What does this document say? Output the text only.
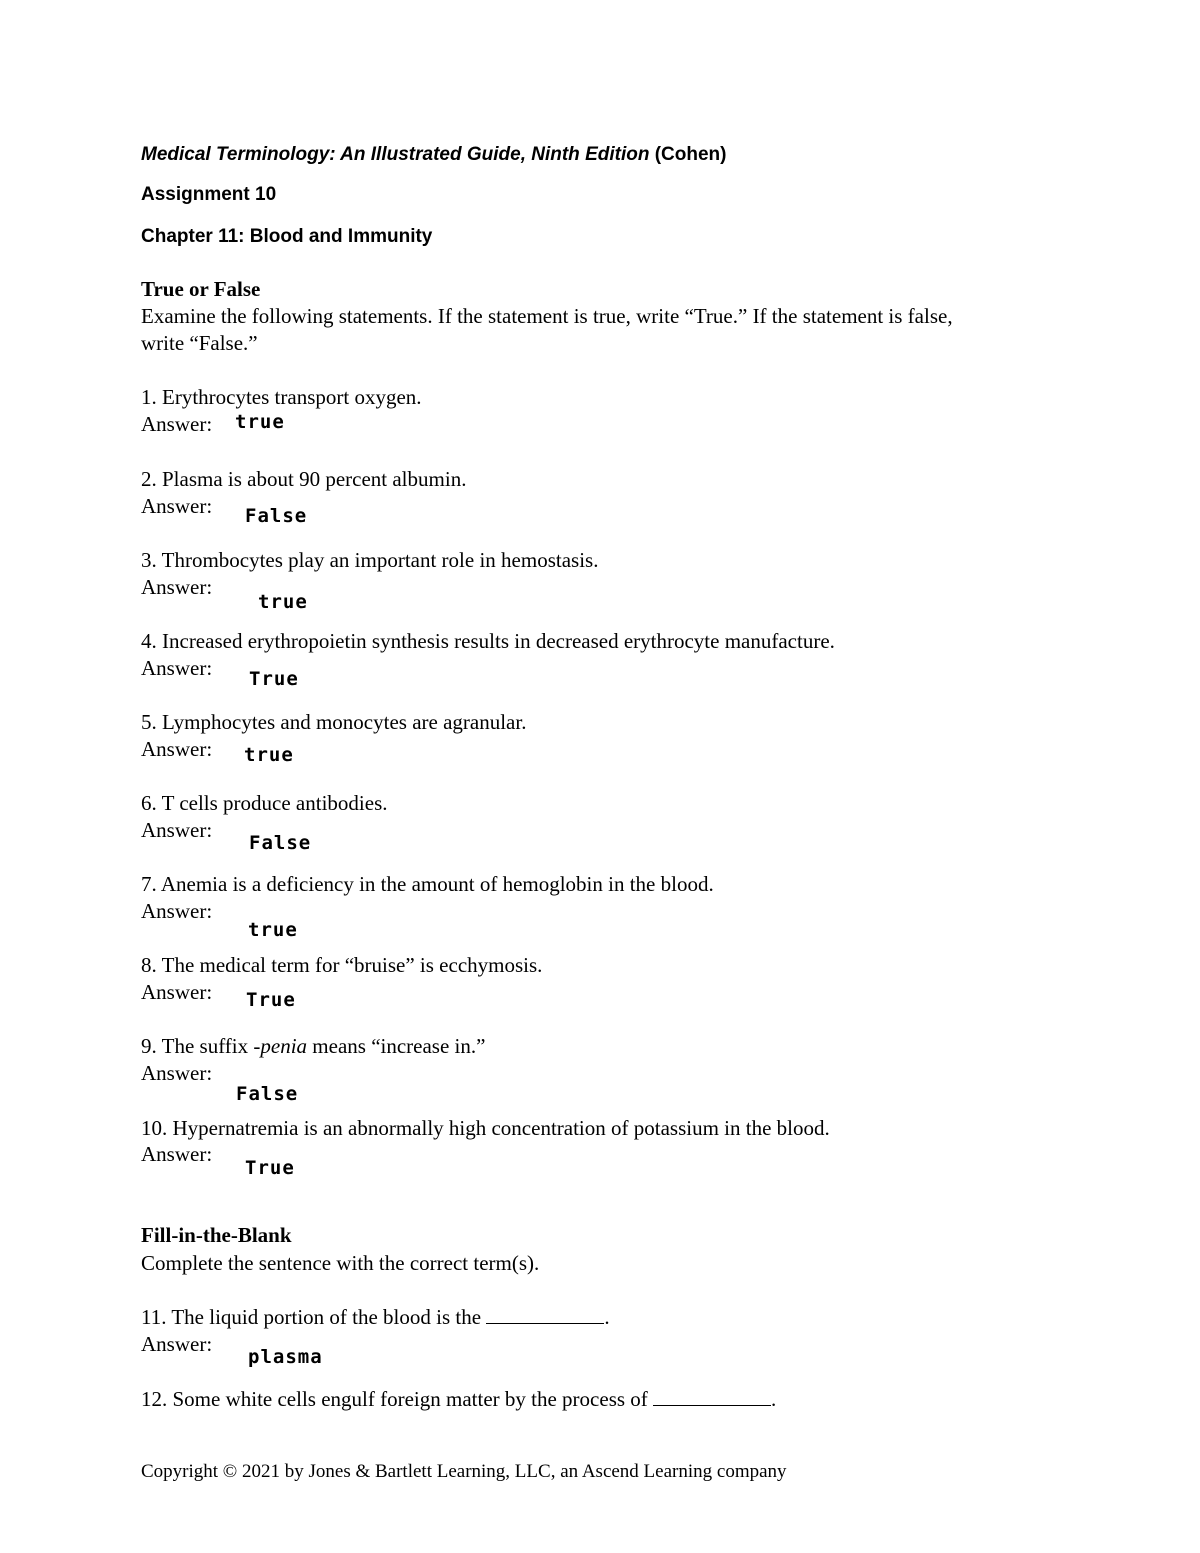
Medical Terminology: An Illustrated Guide, Ninth Edition (Cohen)
Assignment 10
Chapter 11: Blood and Immunity
True or False
Examine the following statements. If the statement is true, write “True.” If the statement is false,
write “False.”
1. Erythrocytes transport oxygen.
Answer: true
2. Plasma is about 90 percent albumin.
Answer: False
3. Thrombocytes play an important role in hemostasis.
Answer:
true
4. Increased erythropoietin synthesis results in decreased erythrocyte manufacture.
Answer: True
5. Lymphocytes and monocytes are agranular.
Answer: true
6. T cells produce antibodies.
Answer:
False
7. Anemia is a deficiency in the amount of hemoglobin in the blood.
Answer:
true
8. The medical term for “bruise” is ecchymosis.
Answer: True
9. The suffix -penia means “increase in.”
Answer:
False
10. Hypernatremia is an abnormally high concentration of potassium in the blood.
Answer:
True
Fill-in-the-Blank
Complete the sentence with the correct term(s).
11. The liquid portion of the blood is the	.
Answer:
plasma
12. Some white cells engulf foreign matter by the process of	.
Copyright © 2021 by Jones & Bartlett Learning, LLC, an Ascend Learning company
